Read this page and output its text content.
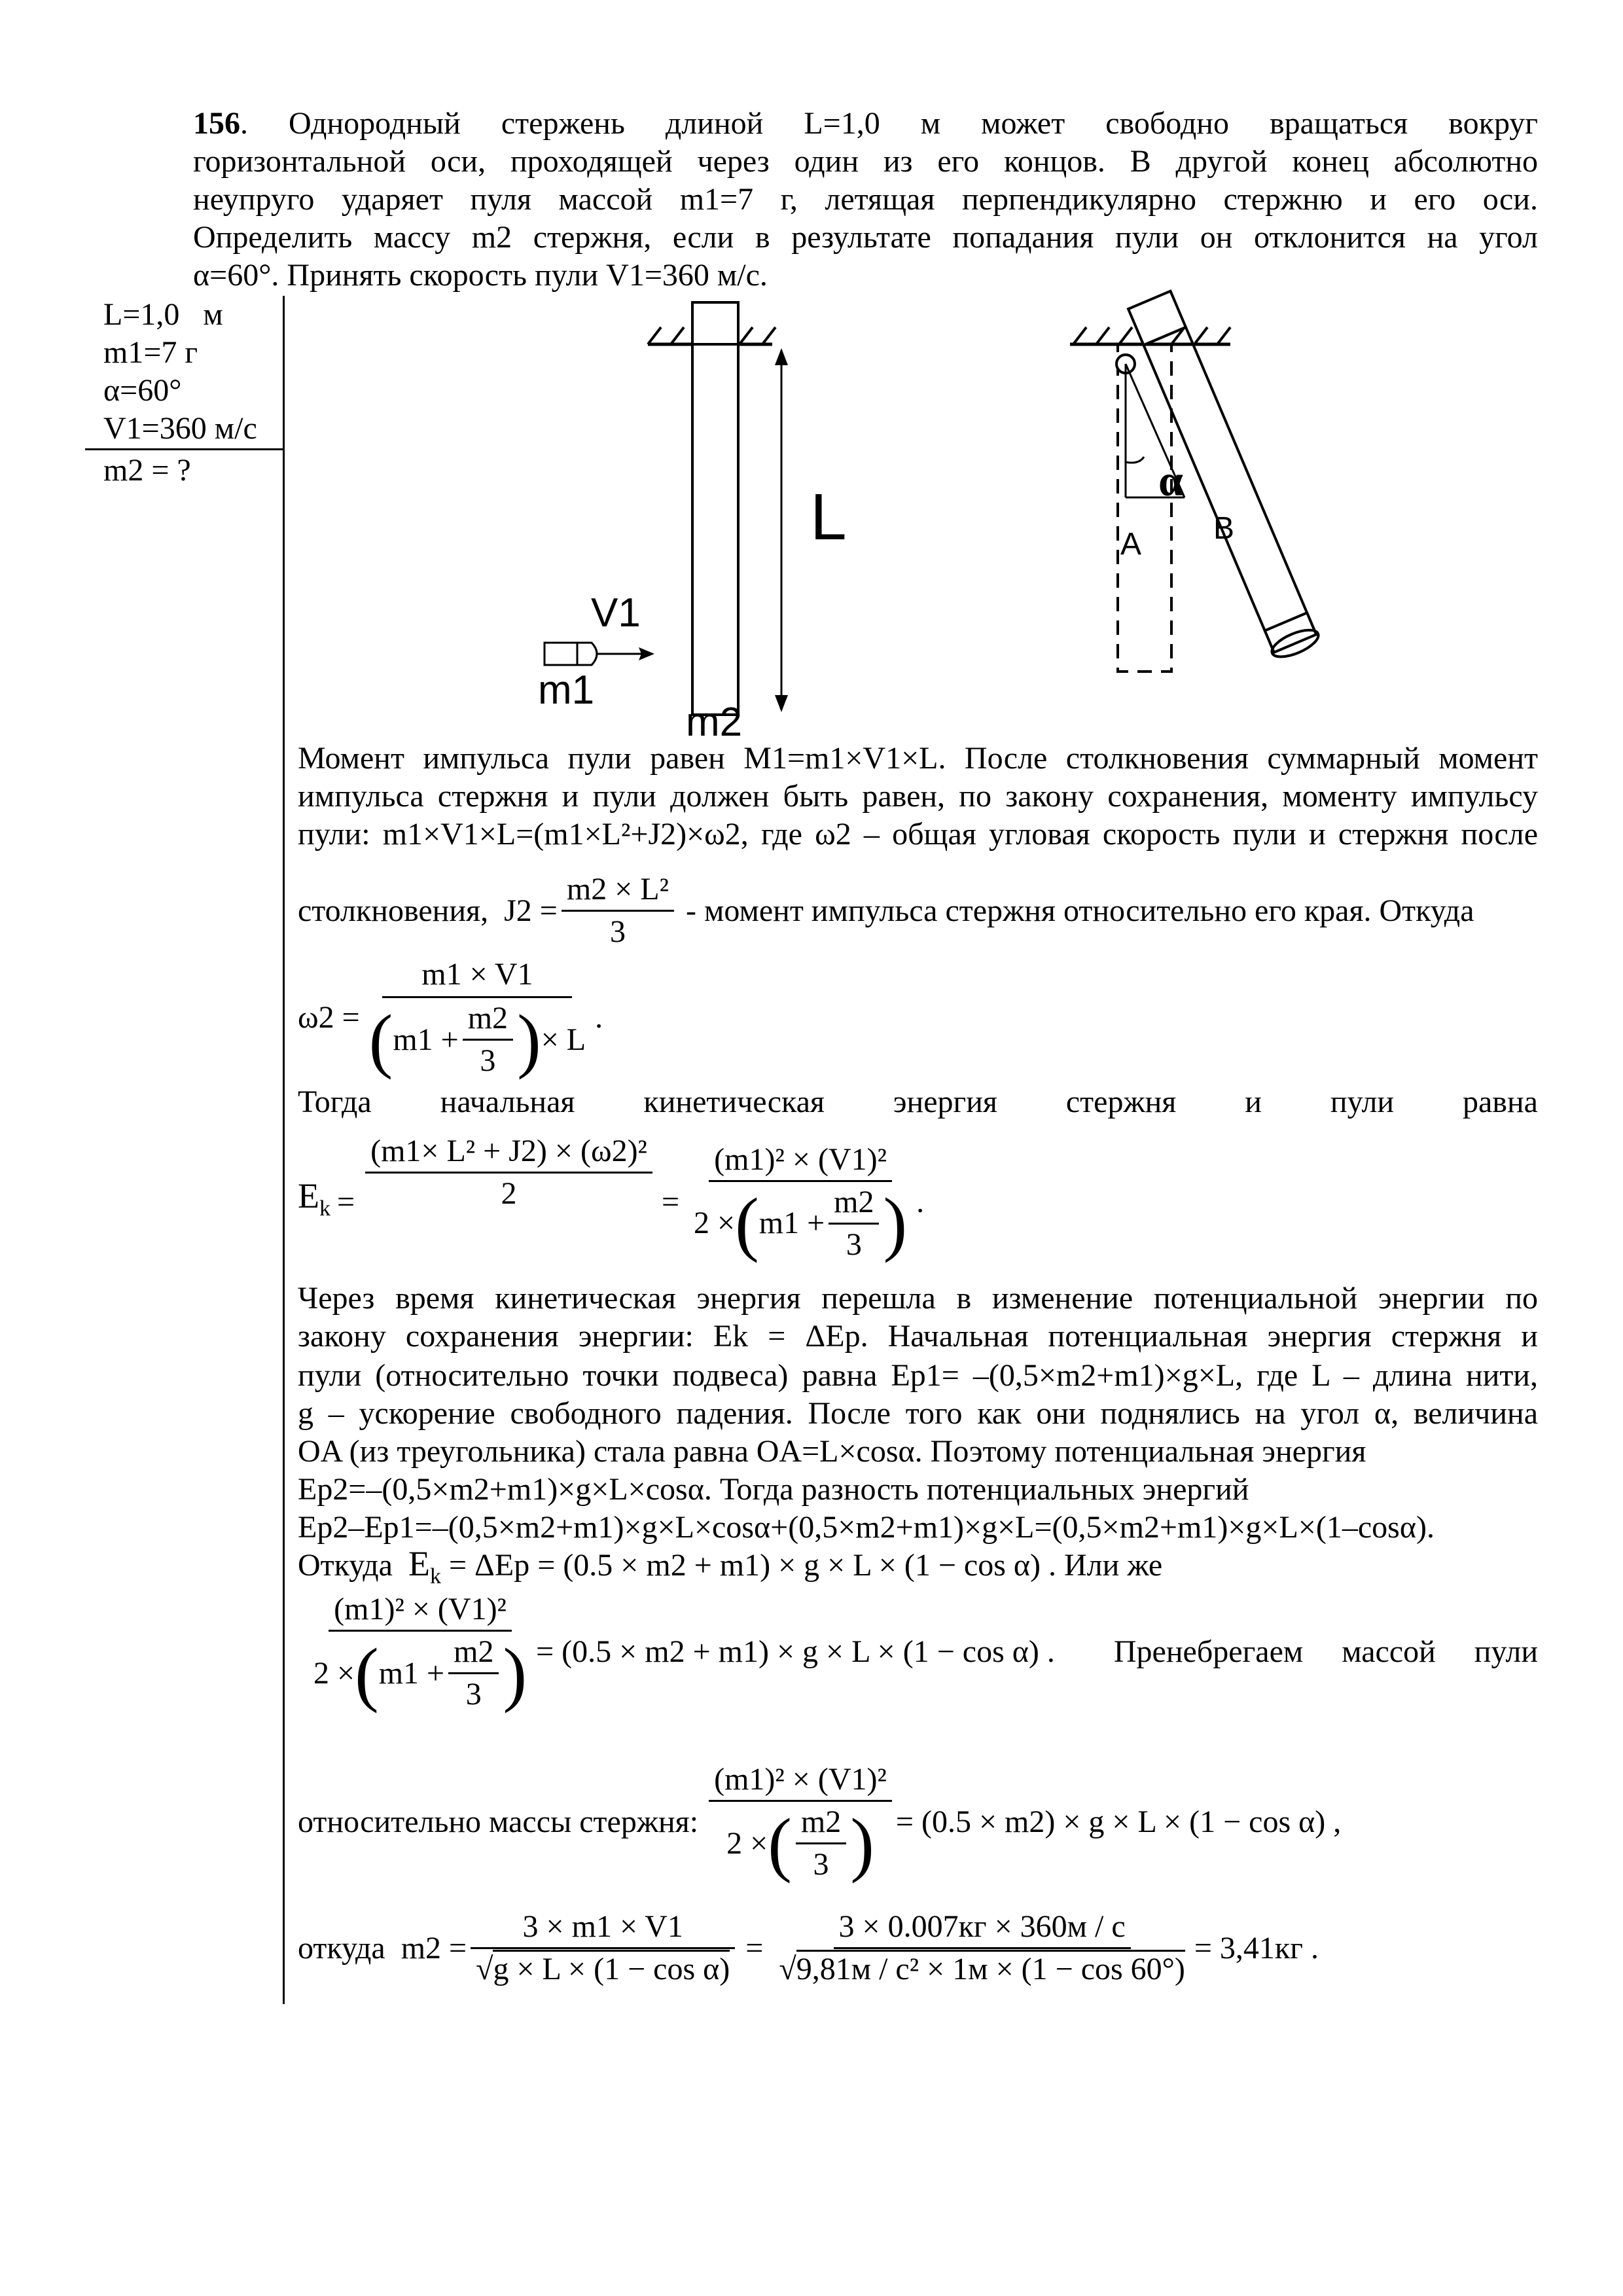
156. Однородный стержень длиной L=1,0 м может свободно вращаться вокруг
горизонтальной оси, проходящей через один из его концов. В другой конец абсолютно
неупруго ударяет пуля массой m1=7 г, летящая перпендикулярно стержню и его оси.
Определить массу m2 стержня, если в результате попадания пули он отклонится на угол
α=60°. Принять скорость пули V1=360 м/с.
L=1,0   м
m1=7 г
α=60°
V1=360 м/с
m2 = ?
L
V1
m1
m2
α
A B
Момент импульса пули равен M1=m1×V1×L. После столкновения суммарный момент
импульса стержня и пули должен быть равен, по закону сохранения, моменту импульсу
пули: m1×V1×L=(m1×L²+J2)×ω2, где ω2 – общая угловая скорость пули и стержня после
столкновения,  $J2 = \frac{\text{m2 × L²}}{3}$ - момент импульса стержня относительно его края. Откуда
ω2 =
m1 × V1
( $m1 + \frac{m2}{3}$ ) × L
.
Тогда начальная кинетическая энергия стержня и пули равна
$E_k = \frac{\text{(m1× L² + J2) × (ω2)²}}{2}$ =
(m1)² × (V1)²
2 × ( $m1 + \frac{m2}{3}$ ) .
Через время кинетическая энергия перешла в изменение потенциальной энергии по
закону сохранения энергии: Ek = ΔEp. Начальная потенциальная энергия стержня и
пули (относительно точки подвеса) равна Ep1= –(0,5×m2+m1)×g×L, где L – длина нити,
g – ускорение свободного падения. После того как они поднялись на угол α, величина
OA (из треугольника) стала равна OA=L×cosα. Поэтому потенциальная энергия
Ep2=–(0,5×m2+m1)×g×L×cosα. Тогда разность потенциальных энергий
Ep2–Ep1=–(0,5×m2+m1)×g×L×cosα+(0,5×m2+m1)×g×L=(0,5×m2+m1)×g×L×(1–cosα).
Откуда $E_k = \Delta Ep = (0.5 \times m2 + m1) \times g \times L \times (1 - \cos \alpha)$ . Или же
(m1)² × (V1)²
2 × ( $m1 + \frac{m2}{3}$ ) = (0.5 × m2 + m1) × g × L × (1 − cos α) . Пренебрегаем массой пули
относительно массы стержня: (m1)² × (V1)²
2 × ( m2
3 ) = (0.5 × m2) × g × L × (1 − cos α) ,
откуда  $m2 = \frac{3 \times m1 \times V1}{\text{√g × L × (1 − cos α)}}$ =
3 × 0.007кг × 360м / с
√9,81м / с² × 1м × (1 − cos 60°)
= 3,41кг .
